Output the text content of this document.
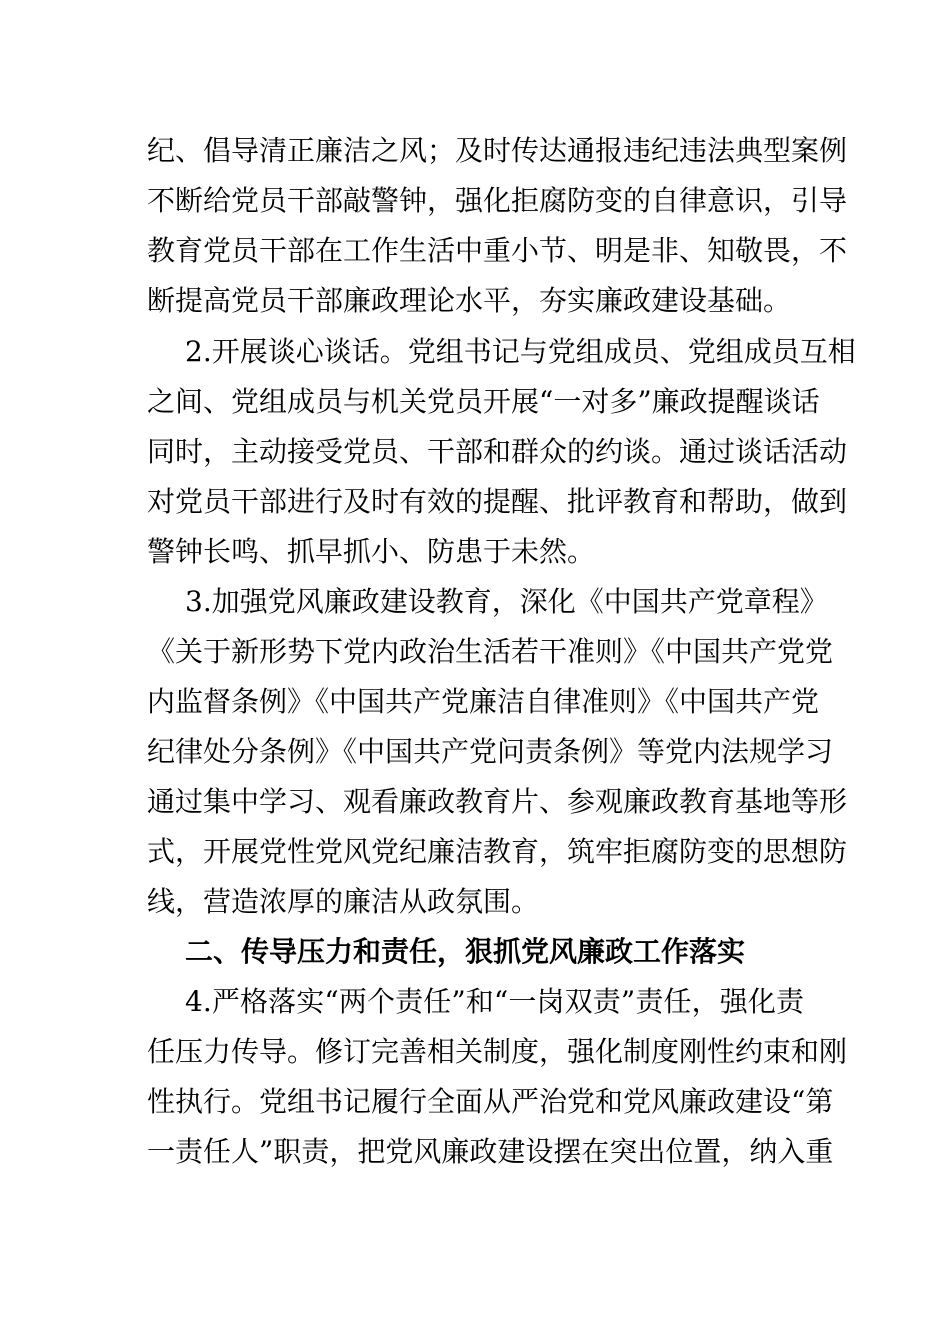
纪、倡导清正廉洁之风；及时传达通报违纪违法典型案例
不断给党员干部敲警钟，强化拒腐防变的自律意识，引导
教育党员干部在工作生活中重小节、明是非、知敬畏，不
断提高党员干部廉政理论水平，夯实廉政建设基础。
2.开展谈心谈话。党组书记与党组成员、党组成员互相
之间、党组成员与机关党员开展“一对多”廉政提醒谈话
同时，主动接受党员、干部和群众的约谈。通过谈话活动
对党员干部进行及时有效的提醒、批评教育和帮助，做到
警钟长鸣、抓早抓小、防患于未然。
3.加强党风廉政建设教育，深化《中国共产党章程》
《关于新形势下党内政治生活若干准则》《中国共产党党
内监督条例》《中国共产党廉洁自律准则》《中国共产党
纪律处分条例》《中国共产党问责条例》等党内法规学习
通过集中学习、观看廉政教育片、参观廉政教育基地等形
式，开展党性党风党纪廉洁教育，筑牢拒腐防变的思想防
线，营造浓厚的廉洁从政氛围。
二、传导压力和责任，狠抓党风廉政工作落实
4.严格落实“两个责任”和“一岗双责”责任，强化责
任压力传导。修订完善相关制度，强化制度刚性约束和刚
性执行。党组书记履行全面从严治党和党风廉政建设“第
一责任人”职责，把党风廉政建设摆在突出位置，纳入重
